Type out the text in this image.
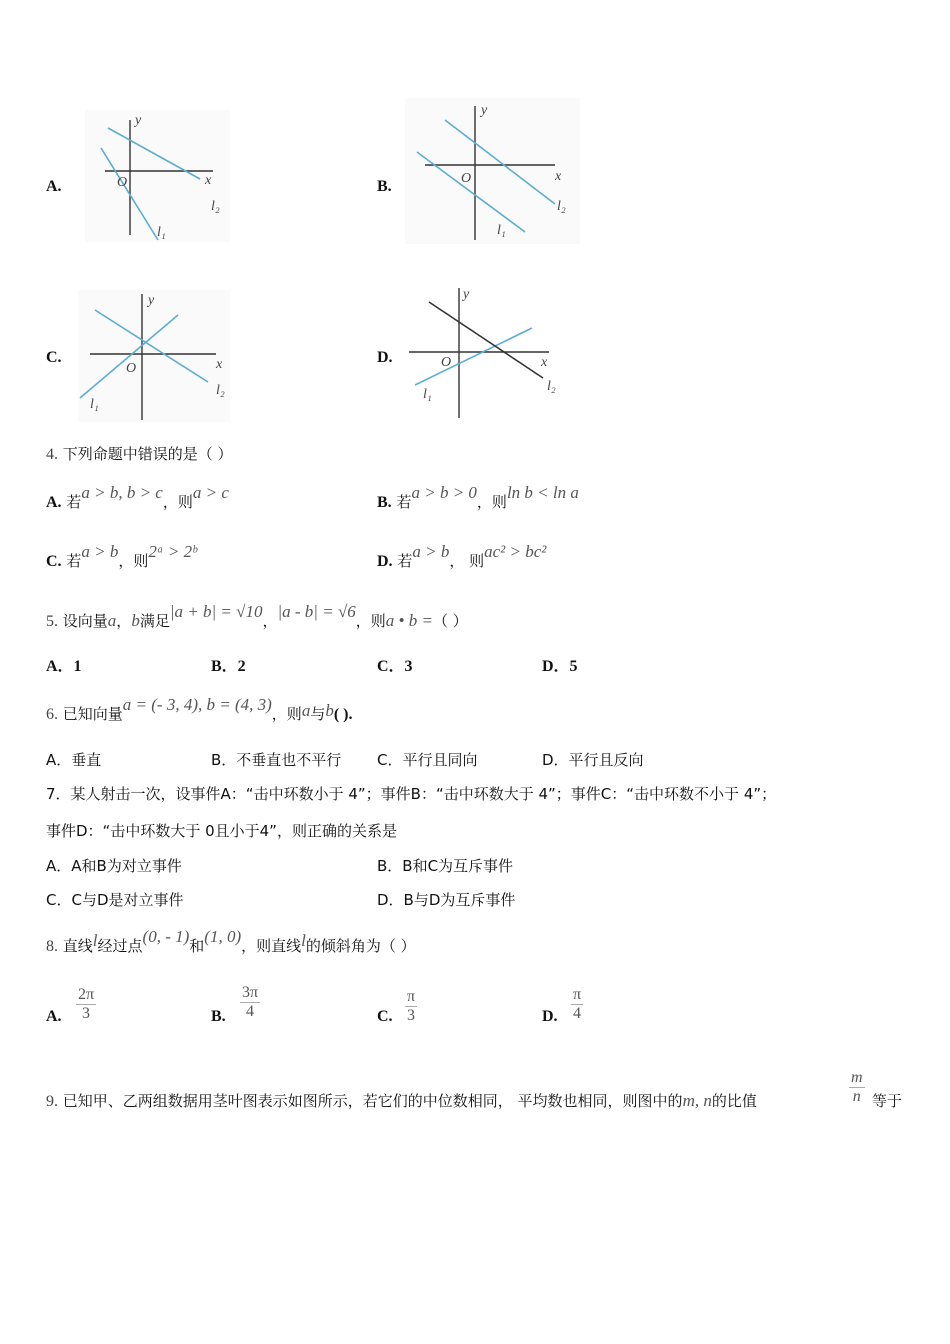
A.	B.
C.	D.
y
x
O
l₁
l₂
y
x
O
l₁
l₂
y
x
O
l₁
l₂
y
x
O
l₁
l₂
4. 下列命题中错误的是（ ）
A. 若a > b, b > c，则a > c
B. 若a > b > 0，则ln b < ln a
C. 若a > b，则2ᵃ > 2ᵇ
D. 若a > b， 则ac² > bc²
5. 设向量a，b满足|a + b| = √10，|a - b| = √6，则a • b =（ ）
A．1	B．2	C．3	D．5
6. 已知向量a = (- 3, 4), b = (4, 3)，则a与b( ).
A．垂直	B．不垂直也不平行 C．平行且同向	D．平行且反向
7．某人射击一次，设事件A：“击中环数小于 4”；事件B：“击中环数大于 4”；事件C：“击中环数不小于 4”；
事件D：“击中环数大于 0且小于4”，则正确的关系是
A．A和B为对立事件	B．B和C为互斥事件
C．C与D是对立事件	D．B与D为互斥事件
8. 直线l经过点(0, - 1)和(1, 0)，则直线l的倾斜角为（ ）
A. $\frac{2\pi}{3}$	B. $\frac{3\pi}{4}$	C. $\frac{\pi}{3}$	D. $\frac{\pi}{4}$
9. 已知甲、乙两组数据用茎叶图表示如图所示，若它们的中位数相同， 平均数也相同，则图中的m, n的比值	$\frac{m}{n}$ 等于
